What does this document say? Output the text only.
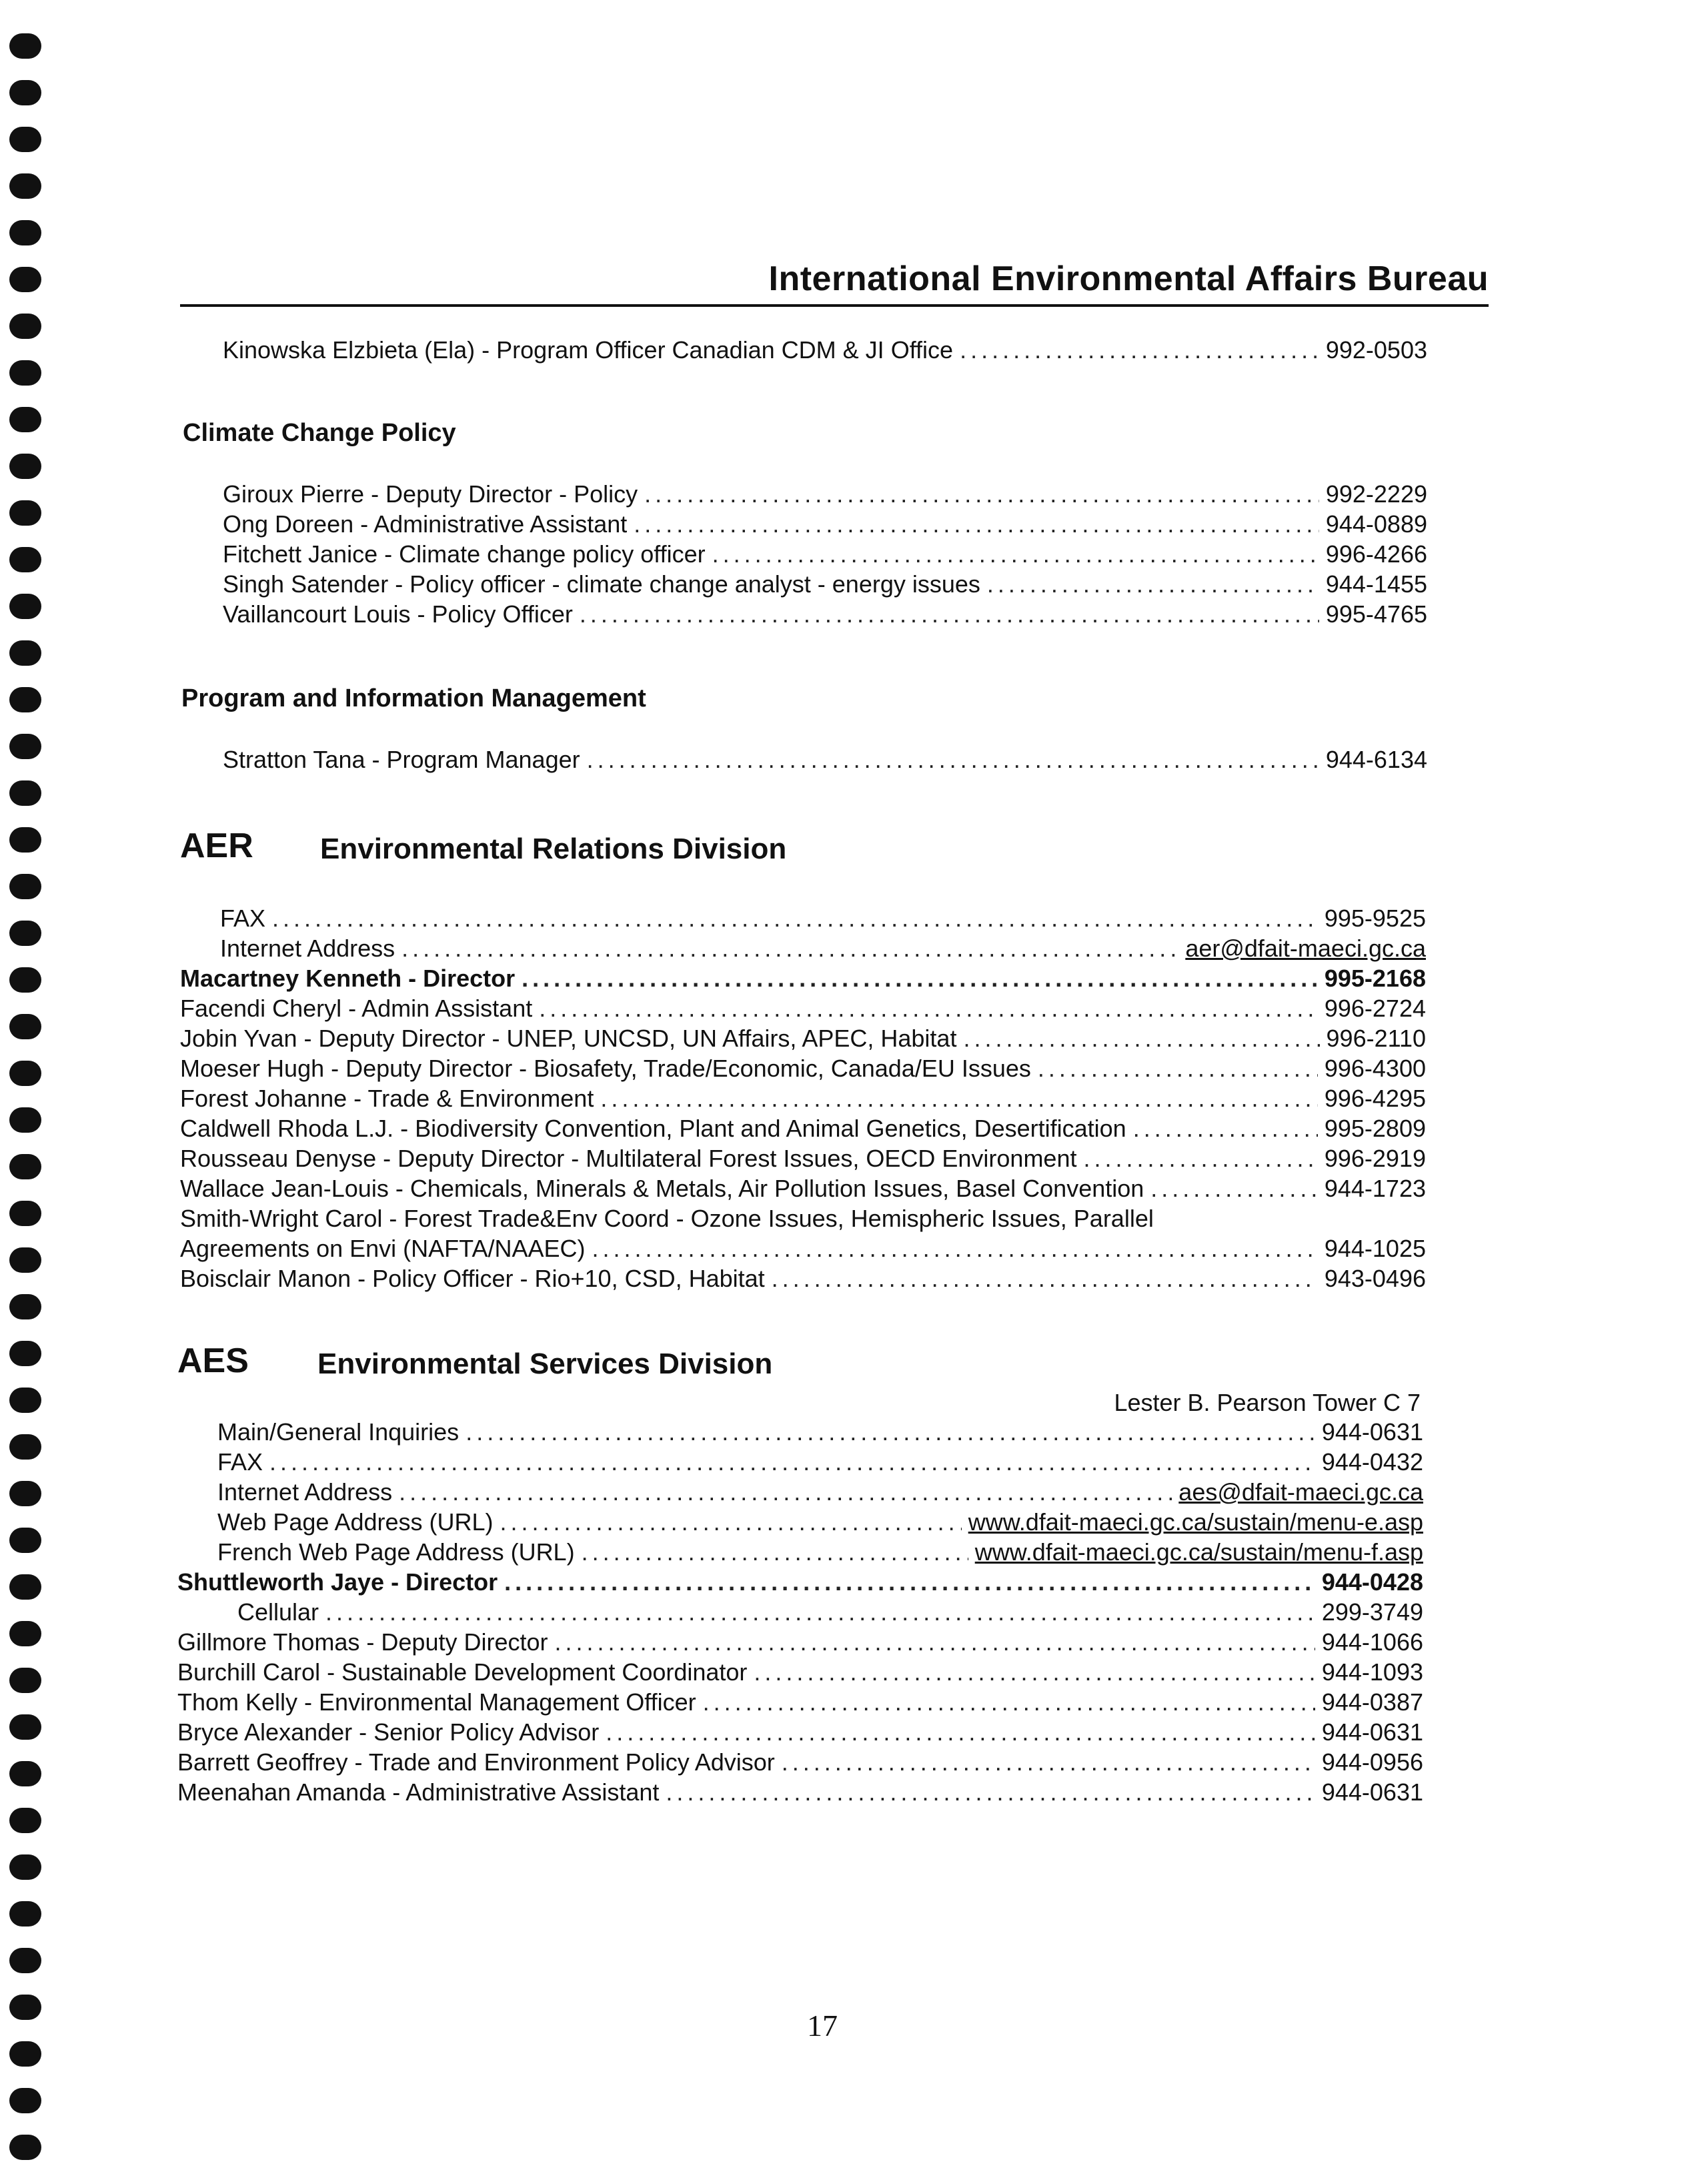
International Environmental Affairs Bureau
Kinowska Elzbieta (Ela) - Program Officer Canadian CDM & JI Office .....	992-0503
Climate Change Policy
Giroux Pierre - Deputy Director - Policy .....	992-2229
Ong Doreen - Administrative Assistant .....	944-0889
Fitchett Janice - Climate change policy officer .....	996-4266
Singh Satender - Policy officer - climate change analyst - energy issues .....	944-1455
Vaillancourt Louis - Policy Officer .....	995-4765
Program and Information Management
Stratton Tana - Program Manager .....	944-6134
AER Environmental Relations Division
FAX .....	995-9525
Internet Address .....	aer@dfait-maeci.gc.ca
Macartney Kenneth - Director .....	995-2168
Facendi Cheryl - Admin Assistant .....	996-2724
Jobin Yvan - Deputy Director - UNEP, UNCSD, UN Affairs, APEC, Habitat .....	996-2110
Moeser Hugh - Deputy Director - Biosafety, Trade/Economic, Canada/EU Issues .....	996-4300
Forest Johanne - Trade & Environment .....	996-4295
Caldwell Rhoda L.J. - Biodiversity Convention, Plant and Animal Genetics, Desertification .....	995-2809
Rousseau Denyse - Deputy Director - Multilateral Forest Issues, OECD Environment .....	996-2919
Wallace Jean-Louis - Chemicals, Minerals & Metals, Air Pollution Issues, Basel Convention .....	944-1723
Smith-Wright Carol - Forest Trade&Env Coord - Ozone Issues, Hemispheric Issues, Parallel
Agreements on Envi (NAFTA/NAAEC) .....	944-1025
Boisclair Manon - Policy Officer - Rio+10, CSD, Habitat .....	943-0496
AES Environmental Services Division
Lester B. Pearson Tower C 7
Main/General Inquiries .....	944-0631
FAX .....	944-0432
Internet Address .....	aes@dfait-maeci.gc.ca
Web Page Address (URL) .....	www.dfait-maeci.gc.ca/sustain/menu-e.asp
French Web Page Address (URL) .....	www.dfait-maeci.gc.ca/sustain/menu-f.asp
Shuttleworth Jaye - Director .....	944-0428
Cellular .....	299-3749
Gillmore Thomas - Deputy Director .....	944-1066
Burchill Carol - Sustainable Development Coordinator .....	944-1093
Thom Kelly - Environmental Management Officer .....	944-0387
Bryce Alexander - Senior Policy Advisor .....	944-0631
Barrett Geoffrey - Trade and Environment Policy Advisor .....	944-0956
Meenahan Amanda - Administrative Assistant .....	944-0631
17
